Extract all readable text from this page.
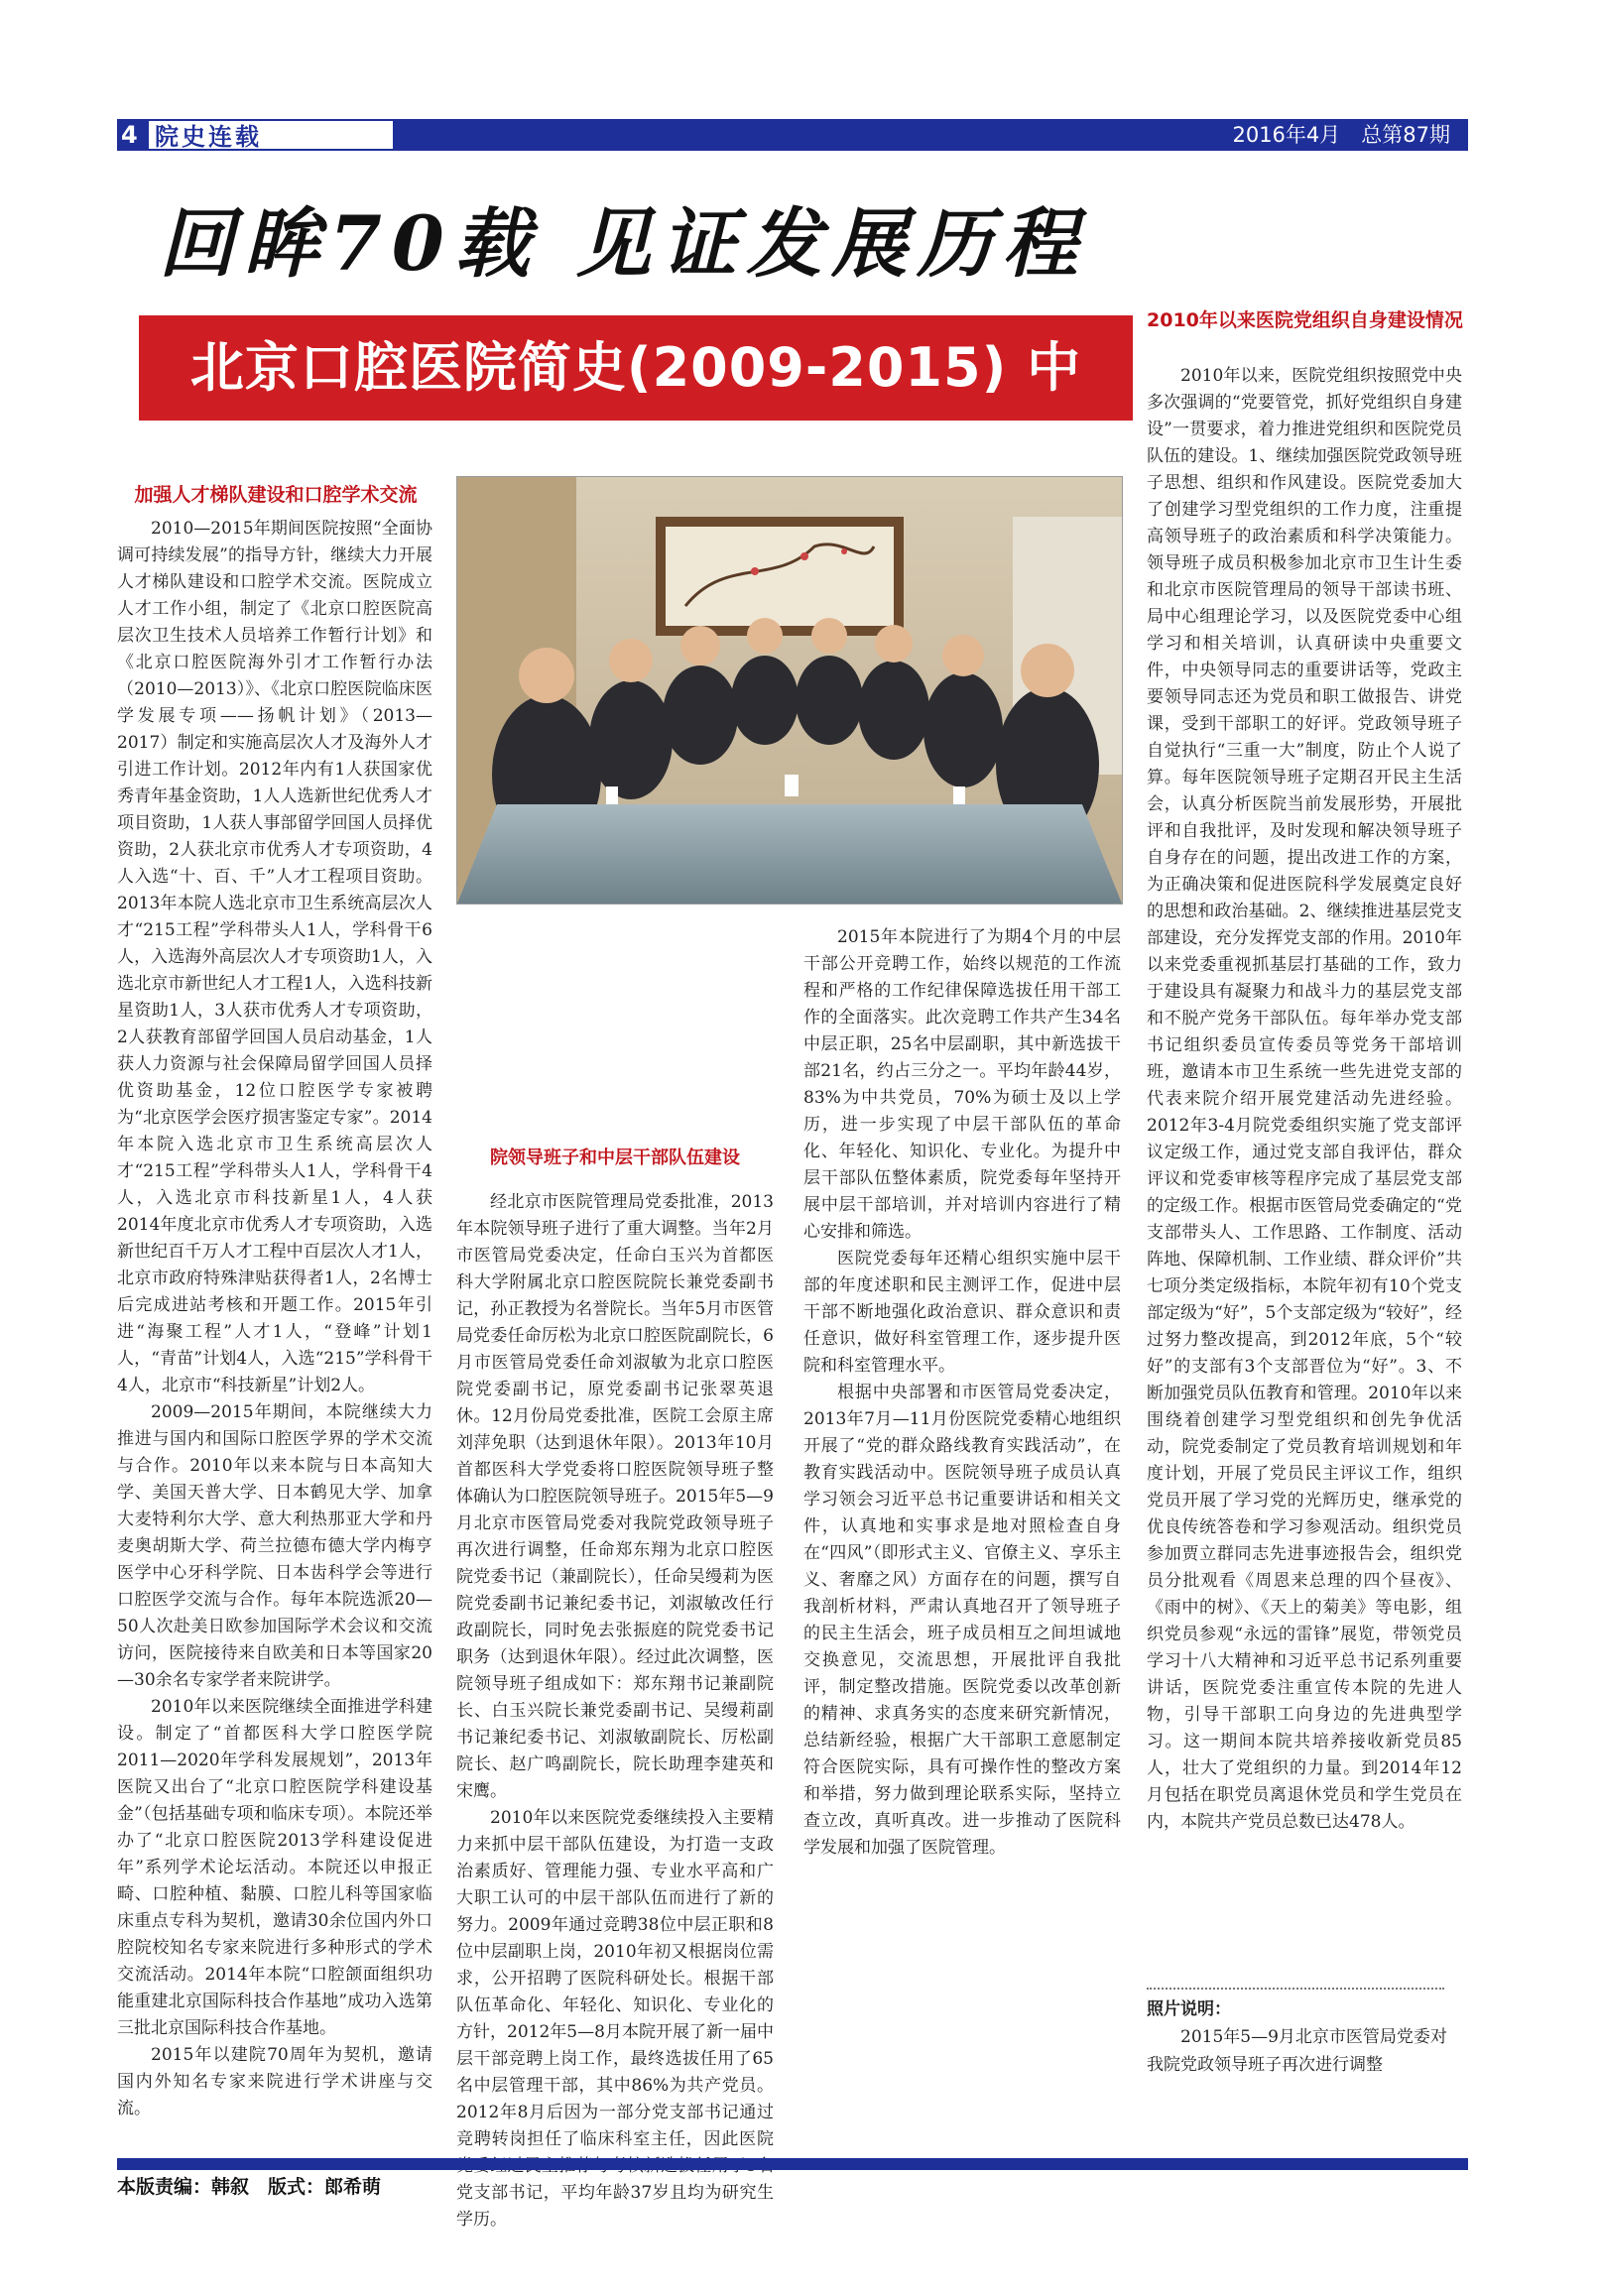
4 院史连载	2016年4月　总第87期
回眸70载 见证发展历程
北京口腔医院简史(2009-2015) 中
2010年以来医院党组织自身建设情况
加强人才梯队建设和口腔学术交流

2010—2015年期间医院按照“全面协调可持续发展”的指导方针，继续大力开展人才梯队建设和口腔学术交流。医院成立人才工作小组，制定了《北京口腔医院高层次卫生技术人员培养工作暂行计划》和《北京口腔医院海外引才工作暂行办法（2010—2013）》、《北京口腔医院临床医学发展专项——扬帆计划》（2013—2017）制定和实施高层次人才及海外人才引进工作计划。2012年内有1人获国家优秀青年基金资助，1人人选新世纪优秀人才项目资助，1人获人事部留学回国人员择优资助，2人获北京市优秀人才专项资助，4人入选“十、百、千”人才工程项目资助。2013年本院人选北京市卫生系统高层次人才“215工程”学科带头人1人，学科骨干6人，入选海外高层次人才专项资助1人，入选北京市新世纪人才工程1人，入选科技新星资助1人，3人获市优秀人才专项资助，2人获教育部留学回国人员启动基金，1人获人力资源与社会保障局留学回国人员择优资助基金，12位口腔医学专家被聘为“北京医学会医疗损害鉴定专家”。2014年本院入选北京市卫生系统高层次人才“215工程”学科带头人1人，学科骨干4人，入选北京市科技新星1人，4人获2014年度北京市优秀人才专项资助，入选新世纪百千万人才工程中百层次人才1人，北京市政府特殊津贴获得者1人，2名博士后完成进站考核和开题工作。2015年引进“海聚工程”人才1人，“登峰”计划1人，“青苗”计划4人，入选“215”学科骨干4人，北京市“科技新星”计划2人。

2009—2015年期间，本院继续大力推进与国内和国际口腔医学界的学术交流与合作。2010年以来本院与日本高知大学、美国天普大学、日本鹤见大学、加拿大麦特利尔大学、意大利热那亚大学和丹麦奥胡斯大学、荷兰拉德布德大学内梅亨医学中心牙科学院、日本齿科学会等进行口腔医学交流与合作。每年本院选派20—50人次赴美日欧参加国际学术会议和交流访问，医院接待来自欧美和日本等国家20—30余名专家学者来院讲学。

2010年以来医院继续全面推进学科建设。制定了“首都医科大学口腔医学院2011—2020年学科发展规划”，2013年医院又出台了“北京口腔医院学科建设基金”（包括基础专项和临床专项）。本院还举办了“北京口腔医院2013学科建设促进年”系列学术论坛活动。本院还以申报正畸、口腔种植、黏膜、口腔儿科等国家临床重点专科为契机，邀请30余位国内外口腔院校知名专家来院进行多种形式的学术交流活动。2014年本院“口腔颌面组织功能重建北京国际科技合作基地”成功入选第三批北京国际科技合作基地。

2015年以建院70周年为契机，邀请国内外知名专家来院进行学术讲座与交流。

院领导班子和中层干部队伍建设

经北京市医院管理局党委批准，2013年本院领导班子进行了重大调整。当年2月市医管局党委决定，任命白玉兴为首都医科大学附属北京口腔医院院长兼党委副书记，孙正教授为名誉院长。当年5月市医管局党委任命厉松为北京口腔医院副院长，6月市医管局党委任命刘淑敏为北京口腔医院党委副书记，原党委副书记张翠英退休。12月份局党委批准，医院工会原主席刘萍免职（达到退休年限）。2013年10月首都医科大学党委将口腔医院领导班子整体确认为口腔医院领导班子。2015年5—9月北京市医管局党委对我院党政领导班子再次进行调整，任命郑东翔为北京口腔医院党委书记（兼副院长），任命吴缦莉为医院党委副书记兼纪委书记，刘淑敏改任行政副院长，同时免去张振庭的院党委书记职务（达到退休年限）。经过此次调整，医院领导班子组成如下：郑东翔书记兼副院长、白玉兴院长兼党委副书记、吴缦莉副书记兼纪委书记、刘淑敏副院长、厉松副院长、赵广鸣副院长，院长助理李建英和宋鹰。

2010年以来医院党委继续投入主要精力来抓中层干部队伍建设，为打造一支政治素质好、管理能力强、专业水平高和广大职工认可的中层干部队伍而进行了新的努力。2009年通过竞聘38位中层正职和8位中层副职上岗，2010年初又根据岗位需求，公开招聘了医院科研处长。根据干部队伍革命化、年轻化、知识化、专业化的方针，2012年5—8月本院开展了新一届中层干部竞聘上岗工作，最终选拔任用了65名中层管理干部，其中86%为共产党员。2012年8月后因为一部分党支部书记通过竞聘转岗担任了临床科室主任，因此医院 党支部书记，平均年龄37岁且均为研究生学历。

2015年本院进行了为期4个月的中层干部公开竞聘工作，始终以规范的工作流程和严格的工作纪律保障选拔任用干部工作的全面落实。此次竞聘工作共产生34名中层正职，25名中层副职，其中新选拔干部21名，约占三分之一。平均年龄44岁，83%为中共党员，70%为硕士及以上学历，进一步实现了中层干部队伍的革命化、年轻化、知识化、专业化。为提升中层干部队伍整体素质，院党委每年坚持开展中层干部培训，并对培训内容进行了精心安排和筛选。

医院党委每年还精心组织实施中层干部的年度述职和民主测评工作，促进中层干部不断地强化政治意识、群众意识和责任意识，做好科室管理工作，逐步提升医院和科室管理水平。

根据中央部署和市医管局党委决定，2013年7月—11月份医院党委精心地组织开展了“党的群众路线教育实践活动”，在教育实践活动中。医院领导班子成员认真学习领会习近平总书记重要讲话和相关文件，认真地和实事求是地对照检查自身在“四风”（即形式主义、官僚主义、享乐主义、奢靡之风）方面存在的问题，撰写自我剖析材料，严肃认真地召开了领导班子的民主生活会，班子成员相互之间坦诚地交换意见，交流思想，开展批评自我批评，制定整改措施。医院党委以改革创新的精神、求真务实的态度来研究新情况，总结新经验，根据广大干部职工意愿制定符合医院实际，具有可操作性的整改方案和举措，努力做到理论联系实际，坚持立查立改，真听真改。进一步推动了医院科学发展和加强了医院管理。

2010年以来，医院党组织按照党中央多次强调的“党要管党，抓好党组织自身建设”一贯要求，着力推进党组织和医院党员队伍的建设。1、继续加强医院党政领导班子思想、组织和作风建设。医院党委加大了创建学习型党组织的工作力度，注重提高领导班子的政治素质和科学决策能力。领导班子成员积极参加北京市卫生计生委和北京市医院管理局的领导干部读书班、局中心组理论学习，以及医院党委中心组学习和相关培训，认真研读中央重要文件，中央领导同志的重要讲话等，党政主要领导同志还为党员和职工做报告、讲党课，受到干部职工的好评。党政领导班子自觉执行“三重一大”制度，防止个人说了算。每年医院领导班子定期召开民主生活会，认真分析医院当前发展形势，开展批评和自我批评，及时发现和解决领导班子自身存在的问题，提出改进工作的方案，为正确决策和促进医院科学发展奠定良好的思想和政治基础。2、继续推进基层党支部建设，充分发挥党支部的作用。2010年以来党委重视抓基层打基础的工作，致力于建设具有凝聚力和战斗力的基层党支部和不脱产党务干部队伍。每年举办党支部书记组织委员宣传委员等党务干部培训班，邀请本市卫生系统一些先进党支部的代表来院介绍开展党建活动先进经验。2012年3-4月院党委组织实施了党支部评议定级工作，通过党支部自我评估，群众评议和党委审核等程序完成了基层党支部的定级工作。根据市医管局党委确定的“党支部带头人、工作思路、工作制度、活动阵地、保障机制、工作业绩、群众评价”共七项分类定级指标，本院年初有10个党支部定级为“好”，5个支部定级为“较好”，经过努力整改提高，到2012年底，5个“较好”的支部有3个支部晋位为“好”。3、不断加强党员队伍教育和管理。2010年以来围绕着创建学习型党组织和创先争优活动，院党委制定了党员教育培训规划和年度计划，开展了党员民主评议工作，组织党员开展了学习党的光辉历史，继承党的优良传统答卷和学习参观活动。组织党员参加贾立群同志先进事迹报告会，组织党员分批观看《周恩来总理的四个昼夜》、《雨中的树》、《天上的菊美》等电影，组织党员参观“永远的雷锋”展览，带领党员学习十八大精神和习近平总书记系列重要讲话，医院党委注重宣传本院的先进人物，引导干部职工向身边的先进典型学习。这一期间本院共培养接收新党员85人，壮大了党组织的力量。到2014年12月包括在职党员离退休党员和学生党员在内，本院共产党员总数已达478人。

照片说明：
2015年5—9月北京市医管局党委对我院党政领导班子再次进行调整
本版责编：韩叙　版式：郎希萌
